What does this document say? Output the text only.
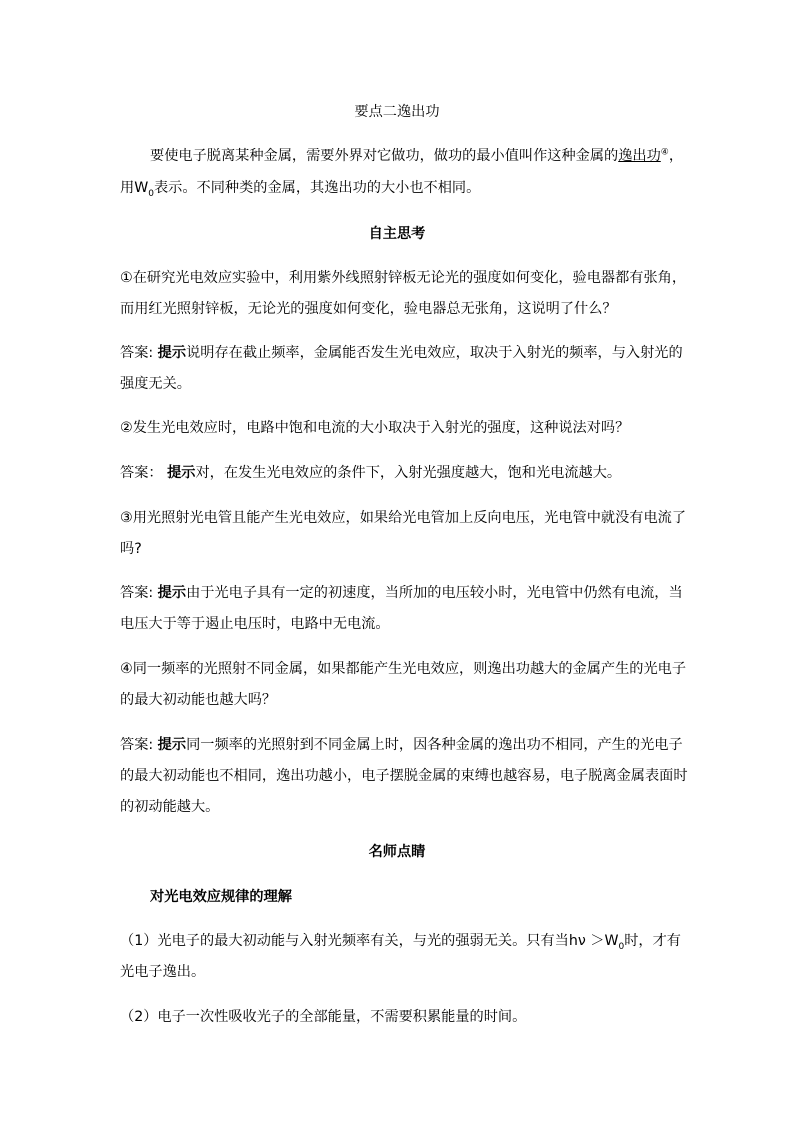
要点二逸出功
要使电子脱离某种金属，需要外界对它做功，做功的最小值叫作这种金属的逸出功④，
用$W_0$表示。不同种类的金属，其逸出功的大小也不相同。
自主思考
①在研究光电效应实验中，利用紫外线照射锌板无论光的强度如何变化，验电器都有张角，
而用红光照射锌板，无论光的强度如何变化，验电器总无张角，这说明了什么？
答案: 提示说明存在截止频率，金属能否发生光电效应，取决于入射光的频率，与入射光的
强度无关。
②发生光电效应时，电路中饱和电流的大小取决于入射光的强度，这种说法对吗？
答案： 提示对，在发生光电效应的条件下，入射光强度越大，饱和光电流越大。
③用光照射光电管且能产生光电效应，如果给光电管加上反向电压，光电管中就没有电流了
吗?
答案: 提示由于光电子具有一定的初速度，当所加的电压较小时，光电管中仍然有电流，当
电压大于等于遏止电压时，电路中无电流。
④同一频率的光照射不同金属，如果都能产生光电效应，则逸出功越大的金属产生的光电子
的最大初动能也越大吗？
答案: 提示同一频率的光照射到不同金属上时，因各种金属的逸出功不相同，产生的光电子
的最大初动能也不相同，逸出功越小，电子摆脱金属的束缚也越容易，电子脱离金属表面时
的初动能越大。
名师点睛
对光电效应规律的理解
（1）光电子的最大初动能与入射光频率有关，与光的强弱无关。只有当$h\nu >W_0$时，才有
光电子逸出。
（2）电子一次性吸收光子的全部能量，不需要积累能量的时间。
